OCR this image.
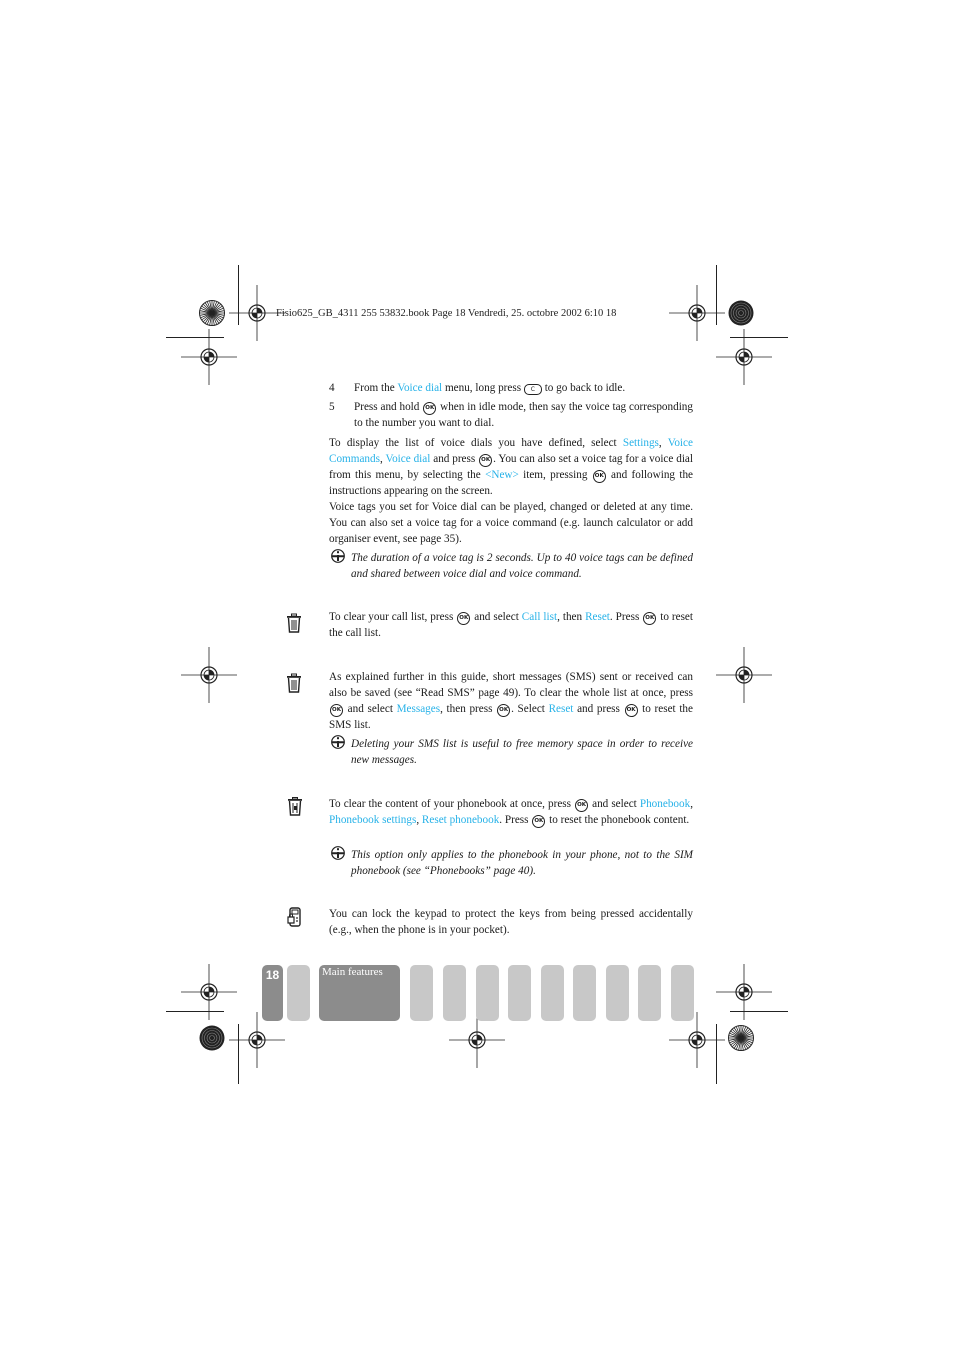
Fisio625_GB_4311 255 53832.book Page 18 Vendredi, 25. octobre 2002 6:10 18
4 From the Voice dial menu, long press C to go back to idle.
5 Press and hold OK when in idle mode, then say the voice tag corresponding to the number you want to dial.
To display the list of voice dials you have defined, select Settings, Voice Commands, Voice dial and press OK . You can also set a voice tag for a voice dial from this menu, by selecting the <New> item, pressing OK and following the instructions appearing on the screen.
Voice tags you set for Voice dial can be played, changed or deleted at any time. You can also set a voice tag for a voice command (e.g. launch calculator or add organiser event, see page 35).
The duration of a voice tag is 2 seconds. Up to 40 voice tags can be defined and shared between voice dial and voice command.
To clear your call list, press OK and select Call list, then Reset. Press OK to reset the call list.
As explained further in this guide, short messages (SMS) sent or received can also be saved (see “Read SMS” page 49). To clear the whole list at once, press OK and select Messages, then press OK . Select Reset and press OK to reset the SMS list.
Deleting your SMS list is useful to free memory space in order to receive new messages.
To clear the content of your phonebook at once, press OK and select Phonebook, Phonebook settings, Reset phonebook. Press OK to reset the phonebook content.
This option only applies to the phonebook in your phone, not to the SIM phonebook (see “Phonebooks” page 40).
You can lock the keypad to protect the keys from being pressed accidentally (e.g., when the phone is in your pocket).
18	Main features
